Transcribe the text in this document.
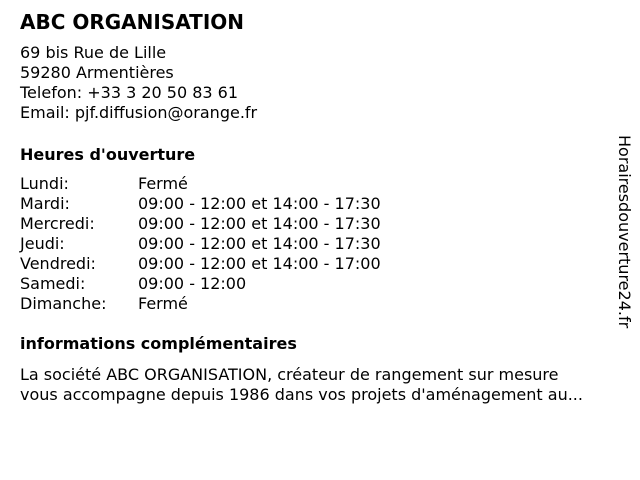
ABC ORGANISATION
69 bis Rue de Lille
59280 Armentières
Telefon: +33 3 20 50 83 61
Email: pjf.diffusion@orange.fr
Heures d'ouverture
Lundi:	Fermé
Mardi:	09:00 - 12:00 et 14:00 - 17:30
Mercredi:	09:00 - 12:00 et 14:00 - 17:30
Jeudi:	09:00 - 12:00 et 14:00 - 17:30
Vendredi:	09:00 - 12:00 et 14:00 - 17:00
Samedi:	09:00 - 12:00
Dimanche:	Fermé
informations complémentaires
La société ABC ORGANISATION, créateur de rangement sur mesure
vous accompagne depuis 1986 dans vos projets d'aménagement au...
Horairesdouverture24.fr
